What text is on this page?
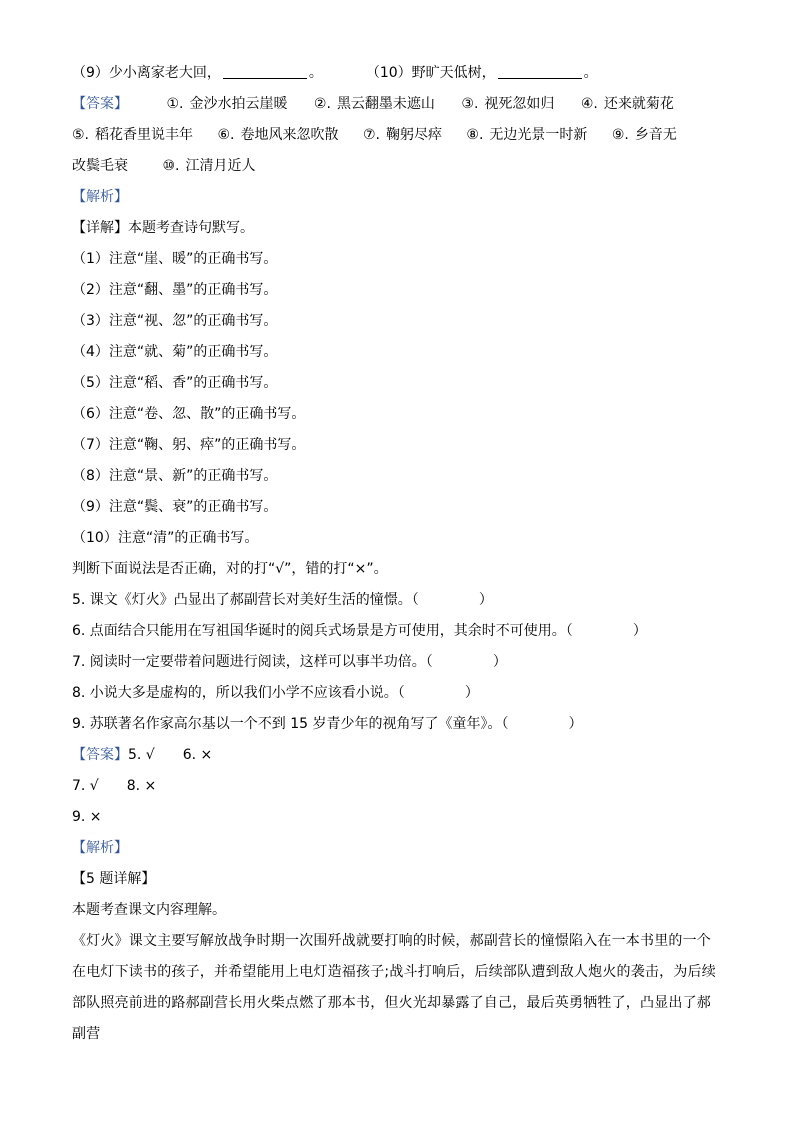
（9）少小离家老大回，	。	（10）野旷天低树，	。
【答案】	①. 金沙水拍云崖暖 ②. 黑云翻墨未遮山 ③. 视死忽如归 ④. 还来就菊花
⑤. 稻花香里说丰年 ⑥. 卷地风来忽吹散 ⑦. 鞠躬尽瘁 ⑧. 无边光景一时新 ⑨. 乡音无
改鬓毛衰 ⑩. 江清月近人
【解析】
【详解】本题考查诗句默写。
（1）注意“崖、暖”的正确书写。
（2）注意“翻、墨”的正确书写。
（3）注意“视、忽”的正确书写。
（4）注意“就、菊”的正确书写。
（5）注意“稻、香”的正确书写。
（6）注意“卷、忽、散”的正确书写。
（7）注意“鞠、躬、瘁”的正确书写。
（8）注意“景、新”的正确书写。
（9）注意“鬓、衰”的正确书写。
（10）注意“清”的正确书写。
判断下面说法是否正确，对的打“√”，错的打“×”。
5. 课文《灯火》凸显出了郝副营长对美好生活的憧憬。（	）
6. 点面结合只能用在写祖国华诞时的阅兵式场景是方可使用，其余时不可使用。（	）
7. 阅读时一定要带着问题进行阅读，这样可以事半功倍。（	）
8. 小说大多是虚构的，所以我们小学不应该看小说。（	）
9. 苏联著名作家高尔基以一个不到 15 岁青少年的视角写了《童年》。（	）
【答案】5. √ 6. ×
7. √ 8. ×
9. ×
【解析】
【5 题详解】
本题考查课文内容理解。
《灯火》课文主要写解放战争时期一次围歼战就要打响的时候，郝副营长的憧憬陷入在一本书里的一个在电灯下读书的孩子，并希望能用上电灯造福孩子;战斗打响后，后续部队遭到敌人炮火的袭击，为后续部队照亮前进的路郝副营长用火柴点燃了那本书，但火光却暴露了自己，最后英勇牺牲了，凸显出了郝副营
